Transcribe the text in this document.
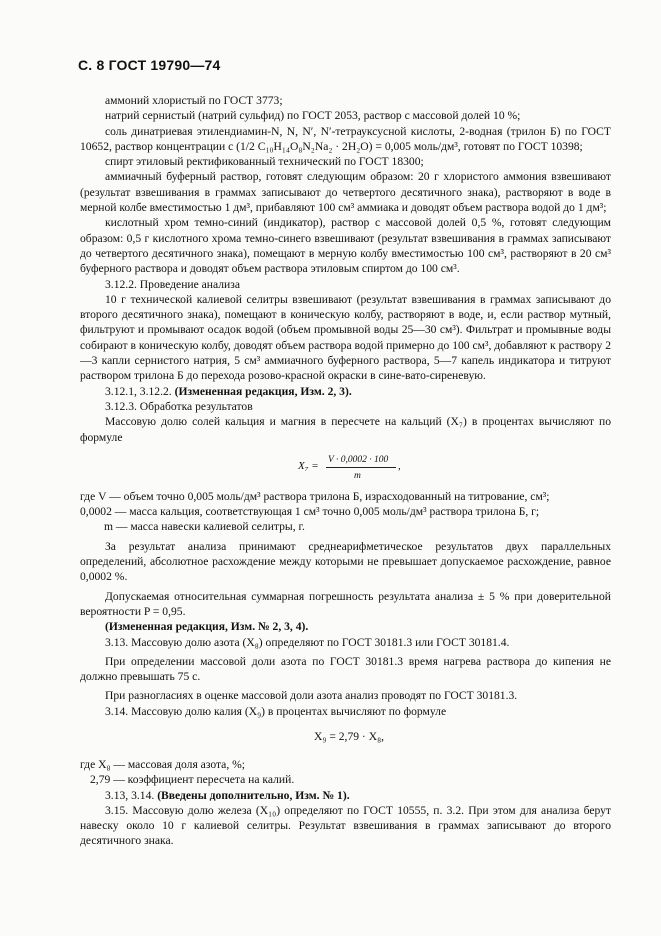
С. 8 ГОСТ 19790—74

аммоний хлористый по ГОСТ 3773;

натрий сернистый (натрий сульфид) по ГОСТ 2053, раствор с массовой долей 10 %;

соль динатриевая этилендиамин-N, N, N′, N′-тетрауксусной кислоты, 2-водная (трилон Б) по ГОСТ 10652, раствор концентрации c (1/2 C₁₀H₁₄O₈N₂Na₂ · 2H₂O) = 0,005 моль/дм³, готовят по ГОСТ 10398;

спирт этиловый ректификованный технический по ГОСТ 18300;

аммиачный буферный раствор, готовят следующим образом: 20 г хлористого аммония взвешивают (результат взвешивания в граммах записывают до четвертого десятичного знака), растворяют в воде в мерной колбе вместимостью 1 дм³, прибавляют 100 см³ аммиака и доводят объем раствора водой до 1 дм³;

кислотный хром темно-синий (индикатор), раствор с массовой долей 0,5 %, готовят следующим образом: 0,5 г кислотного хрома темно-синего взвешивают (результат взвешивания в граммах записывают до четвертого десятичного знака), помещают в мерную колбу вместимостью 100 см³, растворяют в 20 см³ буферного раствора и доводят объем раствора этиловым спиртом до 100 см³.

3.12.2. Проведение анализа

10 г технической калиевой селитры взвешивают (результат взвешивания в граммах записывают до второго десятичного знака), помещают в коническую колбу, растворяют в воде, и, если раствор мутный, фильтруют и промывают осадок водой (объем промывной воды 25—30 см³). Фильтрат и промывные воды собирают в коническую колбу, доводят объем раствора водой примерно до 100 см³, добавляют к раствору 2—3 капли сернистого натрия, 5 см³ аммиачного буферного раствора, 5—7 капель индикатора и титруют раствором трилона Б до перехода розово-красной окраски в сине-вато-сиреневую.

3.12.1, 3.12.2. (Измененная редакция, Изм. 2, 3).

3.12.3. Обработка результатов

Массовую долю солей кальция и магния в пересчете на кальций (X₇) в процентах вычисляют по формуле

X₇ = V · 0,0002 · 100
m
,

где V — объем точно 0,005 моль/дм³ раствора трилона Б, израсходованный на титрование, см³;

0,0002 — масса кальция, соответствующая 1 см³ точно 0,005 моль/дм³ раствора трилона Б, г;

m — масса навески калиевой селитры, г.

За результат анализа принимают среднеарифметическое результатов двух параллельных определений, абсолютное расхождение между которыми не превышает допускаемое расхождение, равное 0,0002 %.

Допускаемая относительная суммарная погрешность результата анализа ± 5 % при доверительной вероятности P = 0,95.

(Измененная редакция, Изм. № 2, 3, 4).

3.13. Массовую долю азота (X₈) определяют по ГОСТ 30181.3 или ГОСТ 30181.4.

При определении массовой доли азота по ГОСТ 30181.3 время нагрева раствора до кипения не должно превышать 75 с.

При разногласиях в оценке массовой доли азота анализ проводят по ГОСТ 30181.3.

3.14. Массовую долю калия (X₉) в процентах вычисляют по формуле

X₉ = 2,79 · X₈,

где X₈ — массовая доля азота, %;

2,79 — коэффициент пересчета на калий.

3.13, 3.14. (Введены дополнительно, Изм. № 1).

3.15. Массовую долю железа (X₁₀) определяют по ГОСТ 10555, п. 3.2. При этом для анализа берут навеску около 10 г калиевой селитры. Результат взвешивания в граммах записывают до второго десятичного знака.
